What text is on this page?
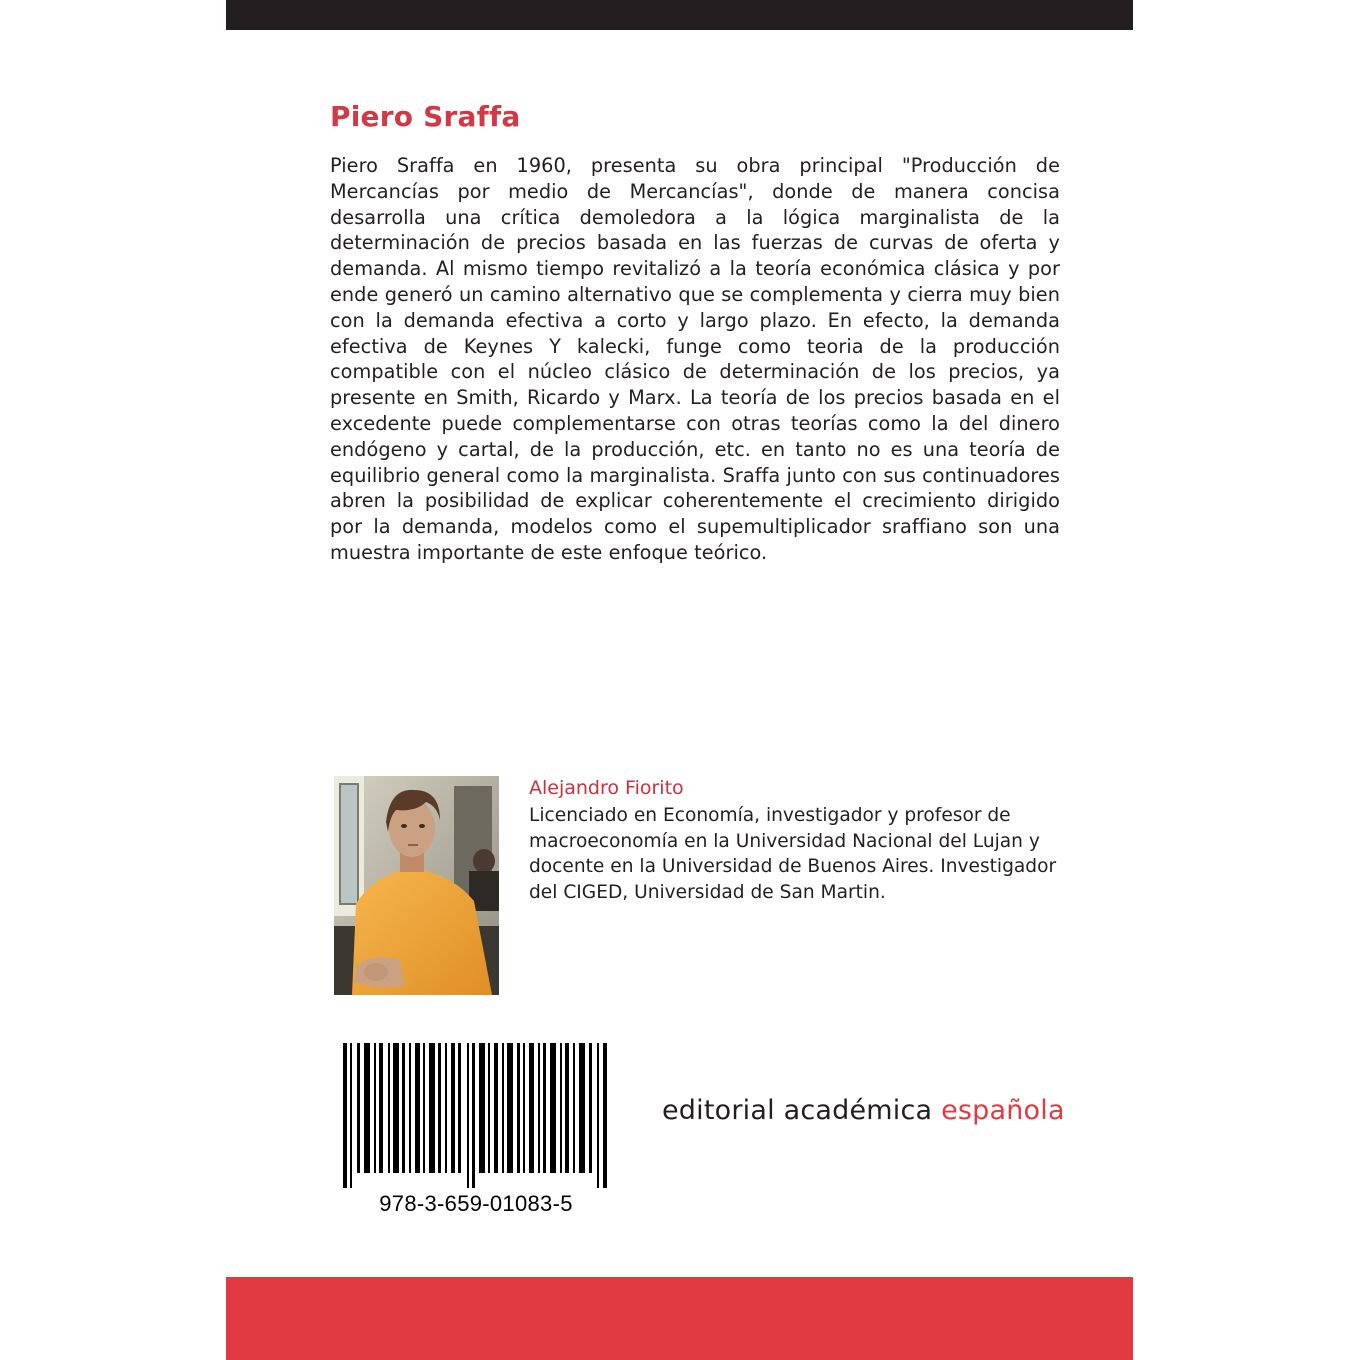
Piero Sraffa

Piero Sraffa en 1960, presenta su obra principal "Producción de Mercancías por medio de Mercancías", donde de manera concisa desarrolla una crítica demoledora a la lógica marginalista de la determinación de precios basada en las fuerzas de curvas de oferta y demanda. Al mismo tiempo revitalizó a la teoría económica clásica y por ende generó un camino alternativo que se complementa y cierra muy bien con la demanda efectiva a corto y largo plazo. En efecto, la demanda efectiva de Keynes Y kalecki, funge como teoria de la producción compatible con el núcleo clásico de determinación de los precios, ya presente en Smith, Ricardo y Marx. La teoría de los precios basada en el excedente puede complementarse con otras teorías como la del dinero endógeno y cartal, de la producción, etc. en tanto no es una teoría de equilibrio general como la marginalista. Sraffa junto con sus continuadores abren la posibilidad de explicar coherentemente el crecimiento dirigido por la demanda, modelos como el supemultiplicador sraffiano son una muestra importante de este enfoque teórico.

Alejandro Fiorito

Licenciado en Economía, investigador y profesor de macroeconomía en la Universidad Nacional del Lujan y docente en la Universidad de Buenos Aires. Investigador del CIGED, Universidad de San Martin.

978-3-659-01083-5

editorial académica española
